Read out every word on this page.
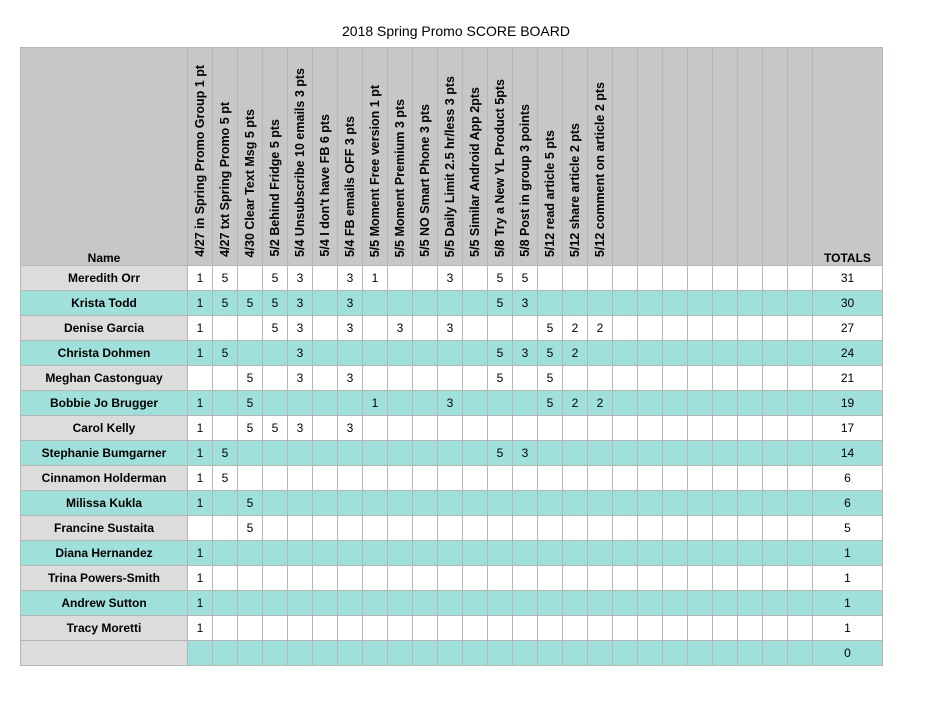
2018 Spring Promo SCORE BOARD
Name	4/27 in Spring Promo Group 1 pt	4/27 txt Spring Promo 5 pt	4/30 Clear Text Msg 5 pts	5/2 Behind Fridge 5 pts	5/4 Unsubscribe 10 emails 3 pts	5/4 I don't have FB 6 pts	5/4 FB emails OFF 3 pts	5/5 Moment Free version 1 pt	5/5 Moment Premium 3 pts	5/5 NO Smart Phone 3 pts	5/5 Daily Limit 2.5 hr/less 3 pts	5/5 Similar Android App 2pts	5/8 Try a New YL Product 5pts	5/8 Post in group 3 points	5/12 read article 5 pts	5/12 share article 2 pts	5/12 comment on article 2 pts									TOTALS
Meredith Orr	1	5		5	3		3	1			3		5	5												31
Krista Todd	1	5	5	5	3		3						5	3												30
Denise Garcia	1			5	3		3		3		3				5	2	2									27
Christa Dohmen	1	5			3								5	3	5	2										24
Meghan Castonguay			5		3		3						5		5											21
Bobbie Jo Brugger	1		5					1			3				5	2	2									19
Carol Kelly	1		5	5	3		3																			17
Stephanie Bumgarner	1	5											5	3												14
Cinnamon Holderman	1	5																								6
Milissa Kukla	1		5																							6
Francine Sustaita			5																							5
Diana Hernandez	1																									1
Trina Powers-Smith	1																									1
Andrew Sutton	1																									1
Tracy Moretti	1																									1
																										0
